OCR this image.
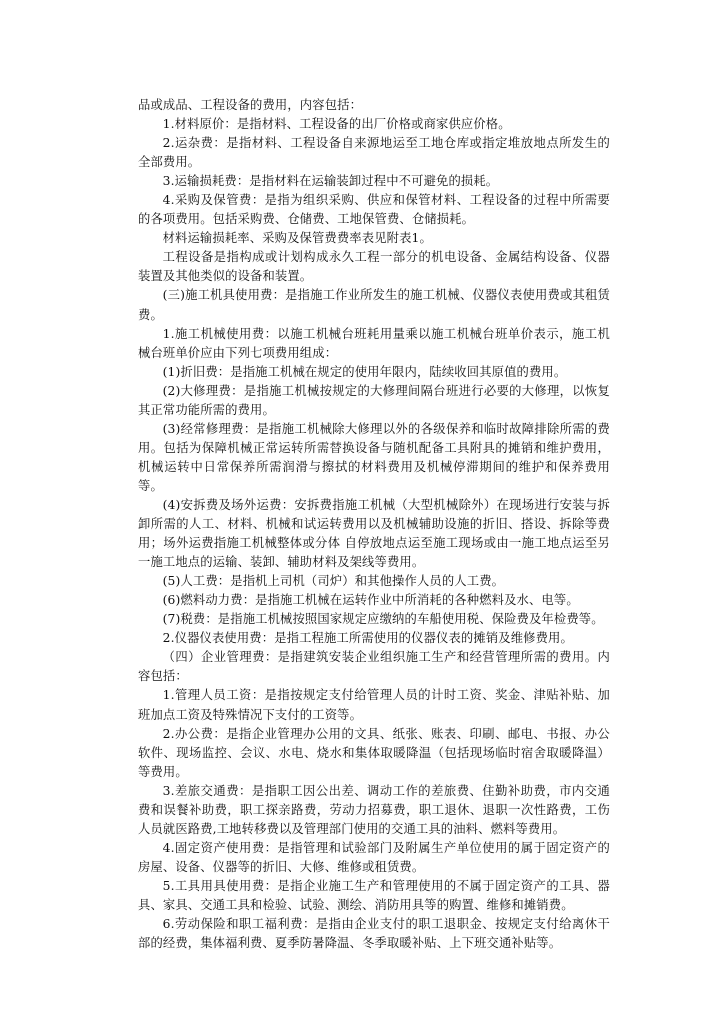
品或成品、工程设备的费用，内容包括：

1.材料原价：是指材料、工程设备的出厂价格或商家供应价格。

2.运杂费：是指材料、工程设备自来源地运至工地仓库或指定堆放地点所发生的全部费用。

3.运输损耗费：是指材料在运输装卸过程中不可避免的损耗。

4.采购及保管费：是指为组织采购、供应和保管材料、工程设备的过程中所需要的各项费用。包括采购费、仓储费、工地保管费、仓储损耗。

材料运输损耗率、采购及保管费费率表见附表1。

工程设备是指构成或计划构成永久工程一部分的机电设备、金属结构设备、仪器装置及其他类似的设备和装置。

(三)施工机具使用费：是指施工作业所发生的施工机械、仪器仪表使用费或其租赁费。

1.施工机械使用费：以施工机械台班耗用量乘以施工机械台班单价表示，施工机械台班单价应由下列七项费用组成：

(1)折旧费：是指施工机械在规定的使用年限内，陆续收回其原值的费用。

(2)大修理费：是指施工机械按规定的大修理间隔台班进行必要的大修理，以恢复其正常功能所需的费用。

(3)经常修理费：是指施工机械除大修理以外的各级保养和临时故障排除所需的费用。包括为保障机械正常运转所需替换设备与随机配备工具附具的摊销和维护费用，机械运转中日常保养所需润滑与擦拭的材料费用及机械停滞期间的维护和保养费用等。

(4)安拆费及场外运费：安拆费指施工机械（大型机械除外）在现场进行安装与拆卸所需的人工、材料、机械和试运转费用以及机械辅助设施的折旧、搭设、拆除等费用；场外运费指施工机械整体或分体 自停放地点运至施工现场或由一施工地点运至另一施工地点的运输、装卸、辅助材料及架线等费用。

(5)人工费：是指机上司机（司炉）和其他操作人员的人工费。

(6)燃料动力费：是指施工机械在运转作业中所消耗的各种燃料及水、电等。

(7)税费：是指施工机械按照国家规定应缴纳的车船使用税、保险费及年检费等。

2.仪器仪表使用费：是指工程施工所需使用的仪器仪表的摊销及维修费用。

（四）企业管理费：是指建筑安装企业组织施工生产和经营管理所需的费用。内容包括：

1.管理人员工资：是指按规定支付给管理人员的计时工资、奖金、津贴补贴、加班加点工资及特殊情况下支付的工资等。

2.办公费：是指企业管理办公用的文具、纸张、账表、印刷、邮电、书报、办公软件、现场监控、会议、水电、烧水和集体取暖降温（包括现场临时宿舍取暖降温）等费用。

3.差旅交通费：是指职工因公出差、调动工作的差旅费、住勤补助费，市内交通费和误餐补助费，职工探亲路费，劳动力招募费，职工退休、退职一次性路费，工伤人员就医路费,工地转移费以及管理部门使用的交通工具的油料、燃料等费用。

4.固定资产使用费：是指管理和试验部门及附属生产单位使用的属于固定资产的房屋、设备、仪器等的折旧、大修、维修或租赁费。

5.工具用具使用费：是指企业施工生产和管理使用的不属于固定资产的工具、器具、家具、交通工具和检验、试验、测绘、消防用具等的购置、维修和摊销费。

6.劳动保险和职工福利费：是指由企业支付的职工退职金、按规定支付给离休干部的经费，集体福利费、夏季防暑降温、冬季取暖补贴、上下班交通补贴等。
